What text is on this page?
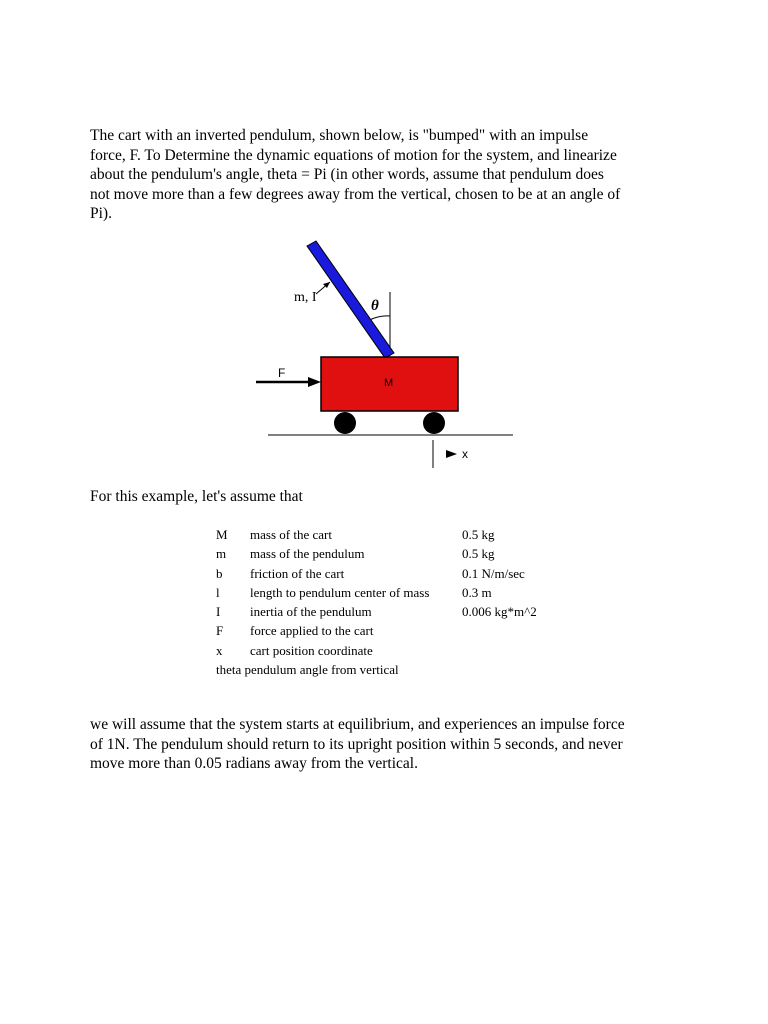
The cart with an inverted pendulum, shown below, is "bumped" with an impulse
force, F. To Determine the dynamic equations of motion for the system, and linearize
about the pendulum's angle, theta = Pi (in other words, assume that pendulum does
not move more than a few degrees away from the vertical, chosen to be at an angle of
Pi).
m, I
θ
F
M
x
For this example, let's assume that
M	mass of the cart	0.5 kg
m	mass of the pendulum	0.5 kg
b	friction of the cart	0.1 N/m/sec
l	length to pendulum center of mass	0.3 m
I	inertia of the pendulum	0.006 kg*m^2
F	force applied to the cart	
x	cart position coordinate	
theta pendulum angle from vertical		
we will assume that the system starts at equilibrium, and experiences an impulse force
of 1N. The pendulum should return to its upright position within 5 seconds, and never
move more than 0.05 radians away from the vertical.
